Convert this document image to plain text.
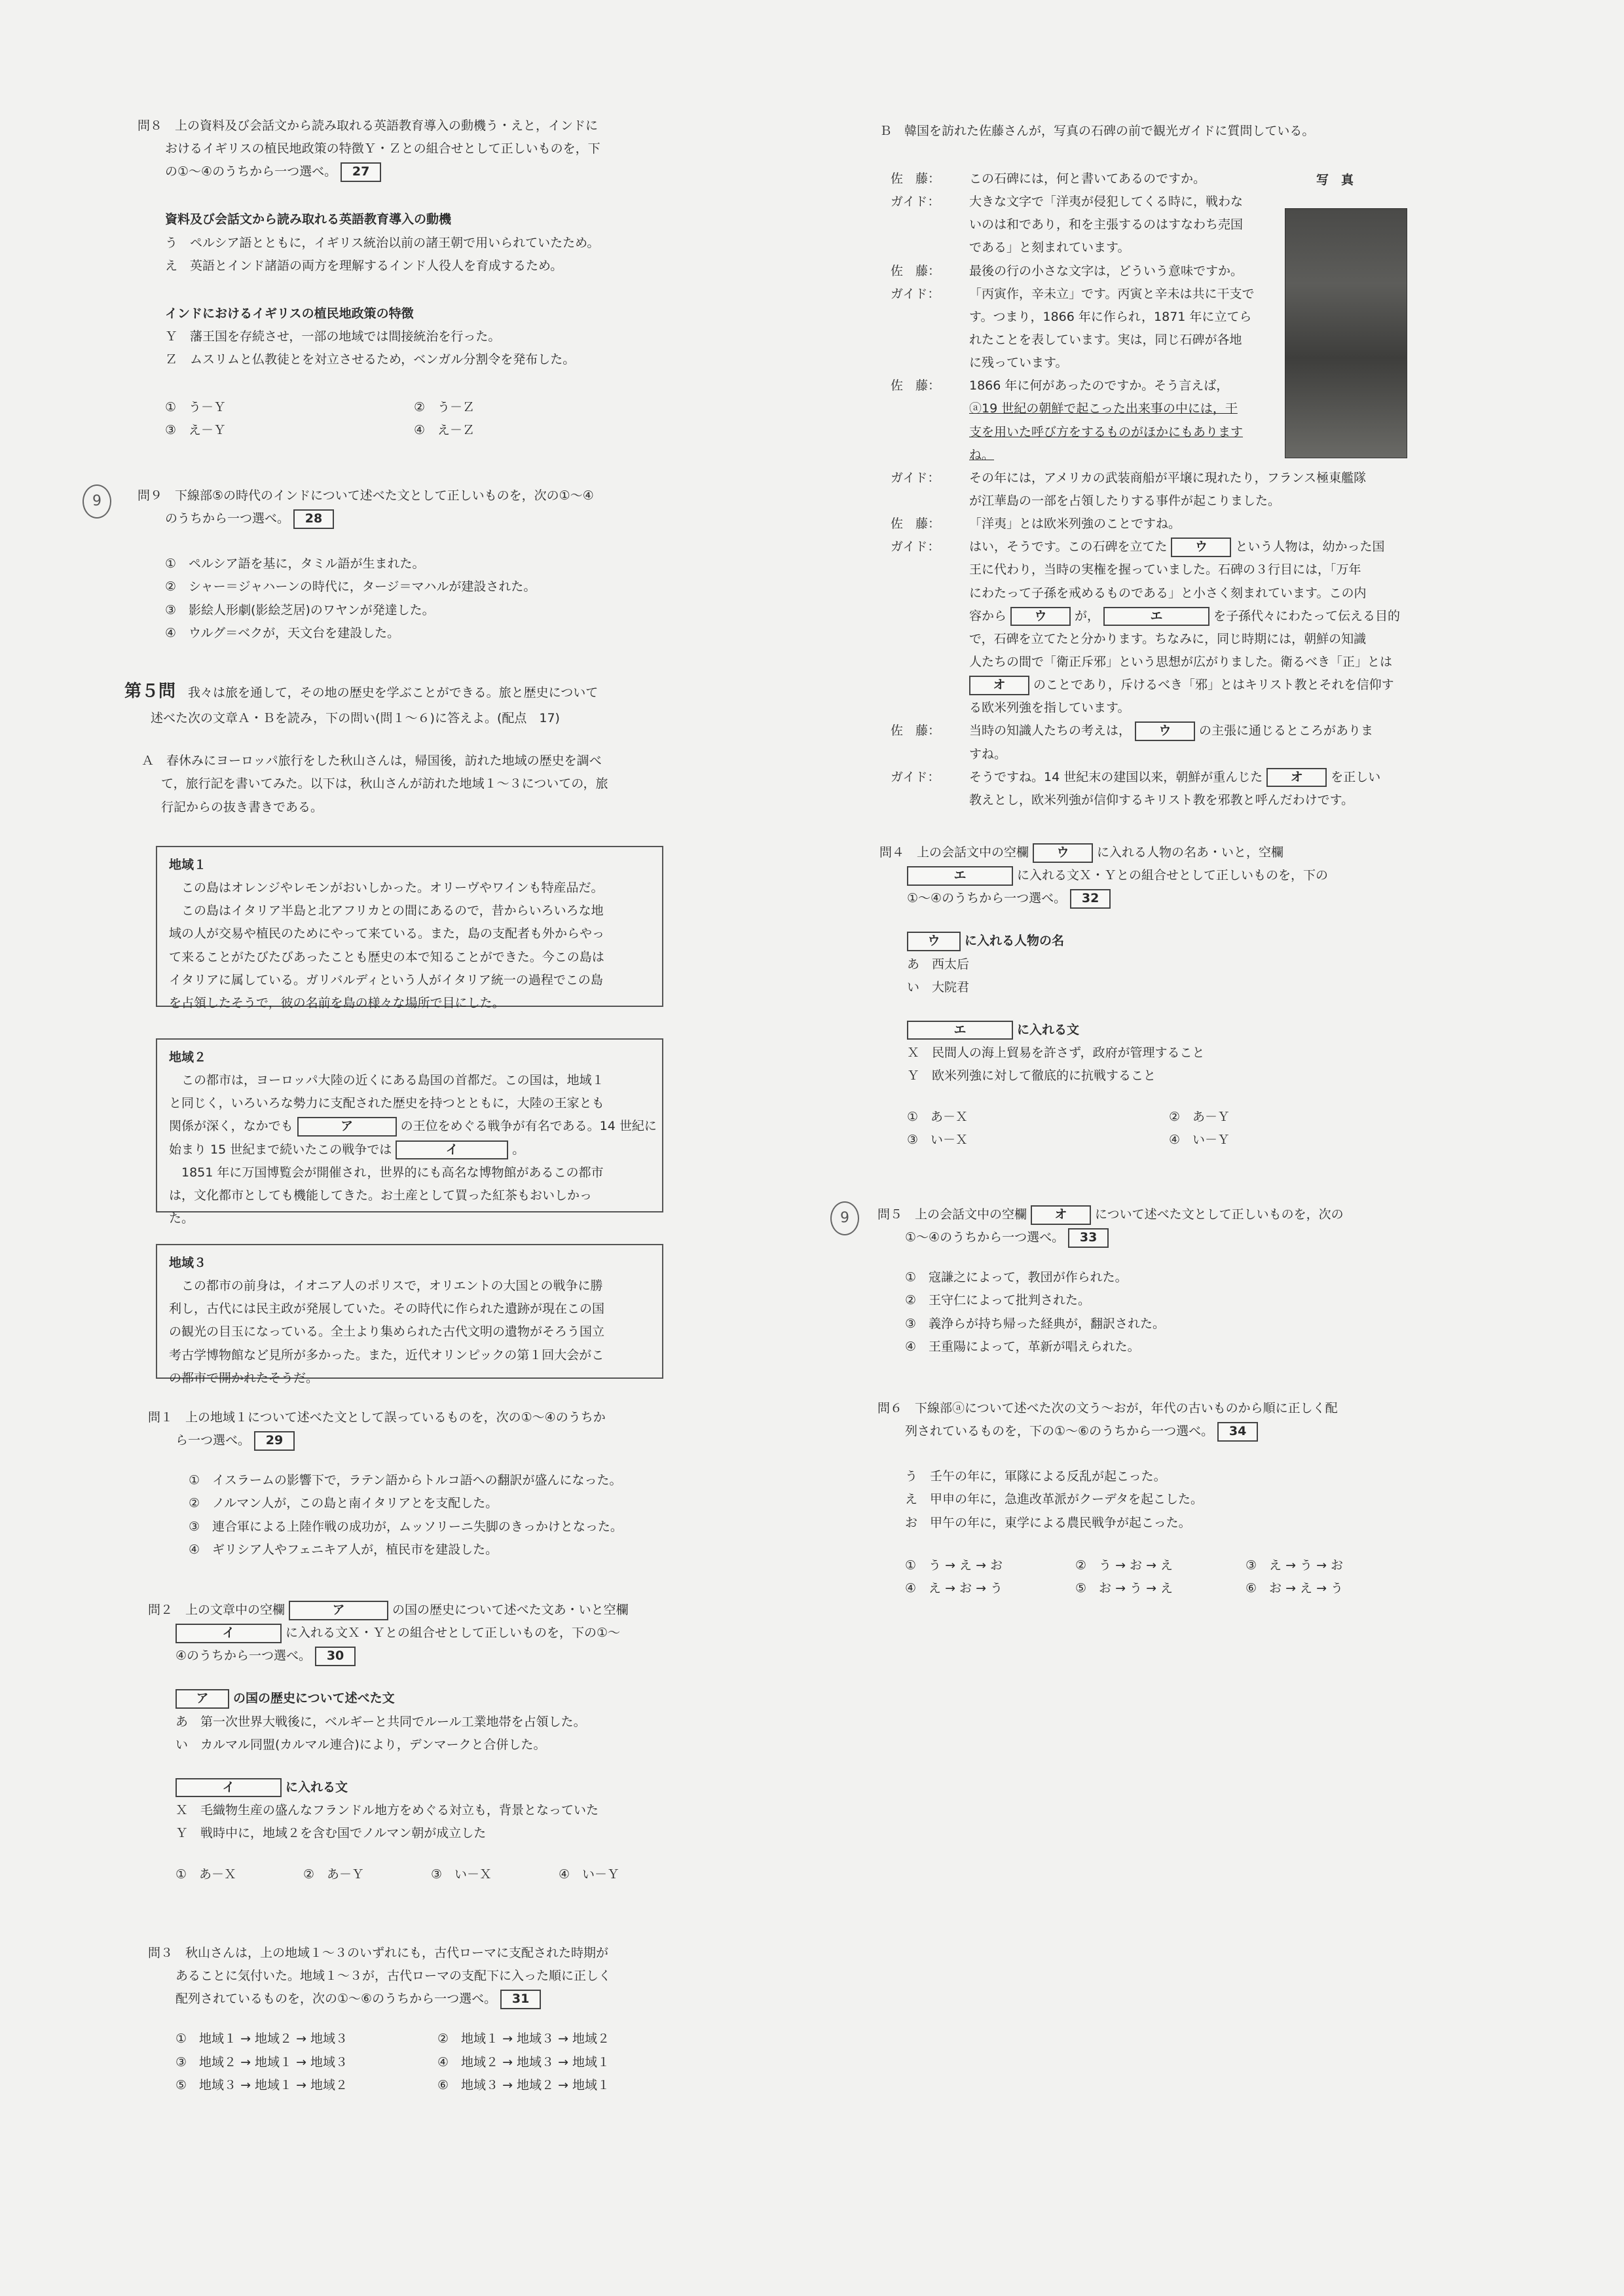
問８　上の資料及び会話文から読み取れる英語教育導入の動機う・えと，インドに

おけるイギリスの植民地政策の特徴Ｙ・Ｚとの組合せとして正しいものを，下

の①～④のうちから一つ選べ。 27

資料及び会話文から読み取れる英語教育導入の動機

う　ペルシア語とともに，イギリス統治以前の諸王朝で用いられていたため。

え　英語とインド諸語の両方を理解するインド人役人を育成するため。

インドにおけるイギリスの植民地政策の特徴

Ｙ　藩王国を存続させ，一部の地域では間接統治を行った。

Ｚ　ムスリムと仏教徒とを対立させるため，ベンガル分割令を発布した。

①　う－Ｙ	②　う－Ｚ
③　え－Ｙ	④　え－Ｚ
9	問９　下線部⑤の時代のインドについて述べた文として正しいものを，次の①～④

のうちから一つ選べ。 28

①　ペルシア語を基に，タミル語が生まれた。

②　シャー＝ジャハーンの時代に，タージ＝マハルが建設された。

③　影絵人形劇(影絵芝居)のワヤンが発達した。

④　ウルグ＝ベクが，天文台を建設した。

第５問　 我々は旅を通して，その地の歴史を学ぶことができる。旅と歴史について

述べた次の文章Ａ・Ｂを読み，下の問い(問１～６)に答えよ。(配点　17)

Ａ　春休みにヨーロッパ旅行をした秋山さんは，帰国後，訪れた地域の歴史を調べ

て，旅行記を書いてみた。以下は，秋山さんが訪れた地域１～３についての，旅

行記からの抜き書きである。

地域１

　この島はオレンジやレモンがおいしかった。オリーヴやワインも特産品だ。

　この島はイタリア半島と北アフリカとの間にあるので，昔からいろいろな地

域の人が交易や植民のためにやって来ている。また，島の支配者も外からやっ

て来ることがたびたびあったことも歴史の本で知ることができた。今この島は

イタリアに属している。ガリバルディという人がイタリア統一の過程でこの島

を占領したそうで，彼の名前を島の様々な場所で目にした。

地域２

　この都市は，ヨーロッパ大陸の近くにある島国の首都だ。この国は，地域１

と同じく，いろいろな勢力に支配された歴史を持つとともに，大陸の王家とも

関係が深く，なかでも	ア	の王位をめぐる戦争が有名である。14 世紀に

始まり 15 世紀まで続いたこの戦争では	イ	。

　1851 年に万国博覧会が開催され，世界的にも高名な博物館があるこの都市

は，文化都市としても機能してきた。お土産として買った紅茶もおいしかっ

た。

地域３

　この都市の前身は，イオニア人のポリスで，オリエントの大国との戦争に勝

利し，古代には民主政が発展していた。その時代に作られた遺跡が現在この国

の観光の目玉になっている。全土より集められた古代文明の遺物がそろう国立

考古学博物館など見所が多かった。また，近代オリンピックの第１回大会がこ

の都市で開かれたそうだ。

問１　上の地域１について述べた文として誤っているものを，次の①～④のうちか

ら一つ選べ。 29

①　イスラームの影響下で，ラテン語からトルコ語への翻訳が盛んになった。

②　ノルマン人が，この島と南イタリアとを支配した。

③　連合軍による上陸作戦の成功が，ムッソリーニ失脚のきっかけとなった。

④　ギリシア人やフェニキア人が，植民市を建設した。

問２　上の文章中の空欄	ア	の国の歴史について述べた文あ・いと空欄

イ	に入れる文Ｘ・Ｙとの組合せとして正しいものを，下の①～

④のうちから一つ選べ。 30

ア の国の歴史について述べた文

あ　第一次世界大戦後に，ベルギーと共同でルール工業地帯を占領した。

い　カルマル同盟(カルマル連合)により，デンマークと合併した。

イ	に入れる文

Ｘ　毛織物生産の盛んなフランドル地方をめぐる対立も，背景となっていた

Ｙ　戦時中に，地域２を含む国でノルマン朝が成立した

①　あ－Ｘ	②　あ－Ｙ	③　い－Ｘ	④　い－Ｙ

問３　秋山さんは，上の地域１～３のいずれにも，古代ローマに支配された時期が

あることに気付いた。地域１～３が，古代ローマの支配下に入った順に正しく

配列されているものを，次の①～⑥のうちから一つ選べ。 31

①　地域１ → 地域２ → 地域３	②　地域１ → 地域３ → 地域２
③　地域２ → 地域１ → 地域３	④　地域２ → 地域３ → 地域１
⑤　地域３ → 地域１ → 地域２	⑥　地域３ → 地域２ → 地域１

Ｂ　韓国を訪れた佐藤さんが，写真の石碑の前で観光ガイドに質問している。

写　真
佐　藤：	この石碑には，何と書いてあるのですか。

ガイド：	大きな文字で「洋夷が侵犯してくる時に，戦わな

いのは和であり，和を主張するのはすなわち売国

である」と刻まれています。

佐　藤：	最後の行の小さな文字は，どういう意味ですか。

ガイド：	「丙寅作，辛未立」です。丙寅と辛未は共に干支で

す。つまり，1866 年に作られ，1871 年に立てら

れたことを表しています。実は，同じ石碑が各地

に残っています。

佐　藤：	1866 年に何があったのですか。そう言えば，

ⓐ19 世紀の朝鮮で起こった出来事の中には，干

支を用いた呼び方をするものがほかにもあります

ね。

ガイド：	その年には，アメリカの武装商船が平壌に現れたり，フランス極東艦隊

が江華島の一部を占領したりする事件が起こりました。

佐　藤：	「洋夷」とは欧米列強のことですね。

ガイド：	はい，そうです。この石碑を立てた ウ という人物は，幼かった国

王に代わり，当時の実権を握っていました。石碑の３行目には，「万年

にわたって子孫を戒めるものである」と小さく刻まれています。この内

容から ウ が，	エ	を子孫代々にわたって伝える目的

で，石碑を立てたと分かります。ちなみに，同じ時期には，朝鮮の知識

人たちの間で「衛正斥邪」という思想が広がりました。衛るべき「正」とは

オ のことであり，斥けるべき「邪」とはキリスト教とそれを信仰す

る欧米列強を指しています。

佐　藤：	当時の知識人たちの考えは， ウ の主張に通じるところがありま

すね。

ガイド：	そうですね。14 世紀末の建国以来，朝鮮が重んじた オ を正しい

教えとし，欧米列強が信仰するキリスト教を邪教と呼んだわけです。

問４　上の会話文中の空欄 ウ に入れる人物の名あ・いと，空欄

エ	に入れる文Ｘ・Ｙとの組合せとして正しいものを，下の

①～④のうちから一つ選べ。 32

ウ に入れる人物の名

あ　西太后

い　大院君

エ	に入れる文

Ｘ　民間人の海上貿易を許さず，政府が管理すること

Ｙ　欧米列強に対して徹底的に抗戦すること

①　あ－Ｘ	②　あ－Ｙ
③　い－Ｘ	④　い－Ｙ
9	問５　上の会話文中の空欄 オ について述べた文として正しいものを，次の

①～④のうちから一つ選べ。 33

①　寇謙之によって，教団が作られた。

②　王守仁によって批判された。

③　義浄らが持ち帰った経典が，翻訳された。

④　王重陽によって，革新が唱えられた。

問６　下線部ⓐについて述べた次の文う～おが，年代の古いものから順に正しく配

列されているものを，下の①～⑥のうちから一つ選べ。 34

う　壬午の年に，軍隊による反乱が起こった。

え　甲申の年に，急進改革派がクーデタを起こした。

お　甲午の年に，東学による農民戦争が起こった。

①　う → え → お	②　う → お → え	③　え → う → お
④　え → お → う	⑤　お → う → え	⑥　お → え → う
